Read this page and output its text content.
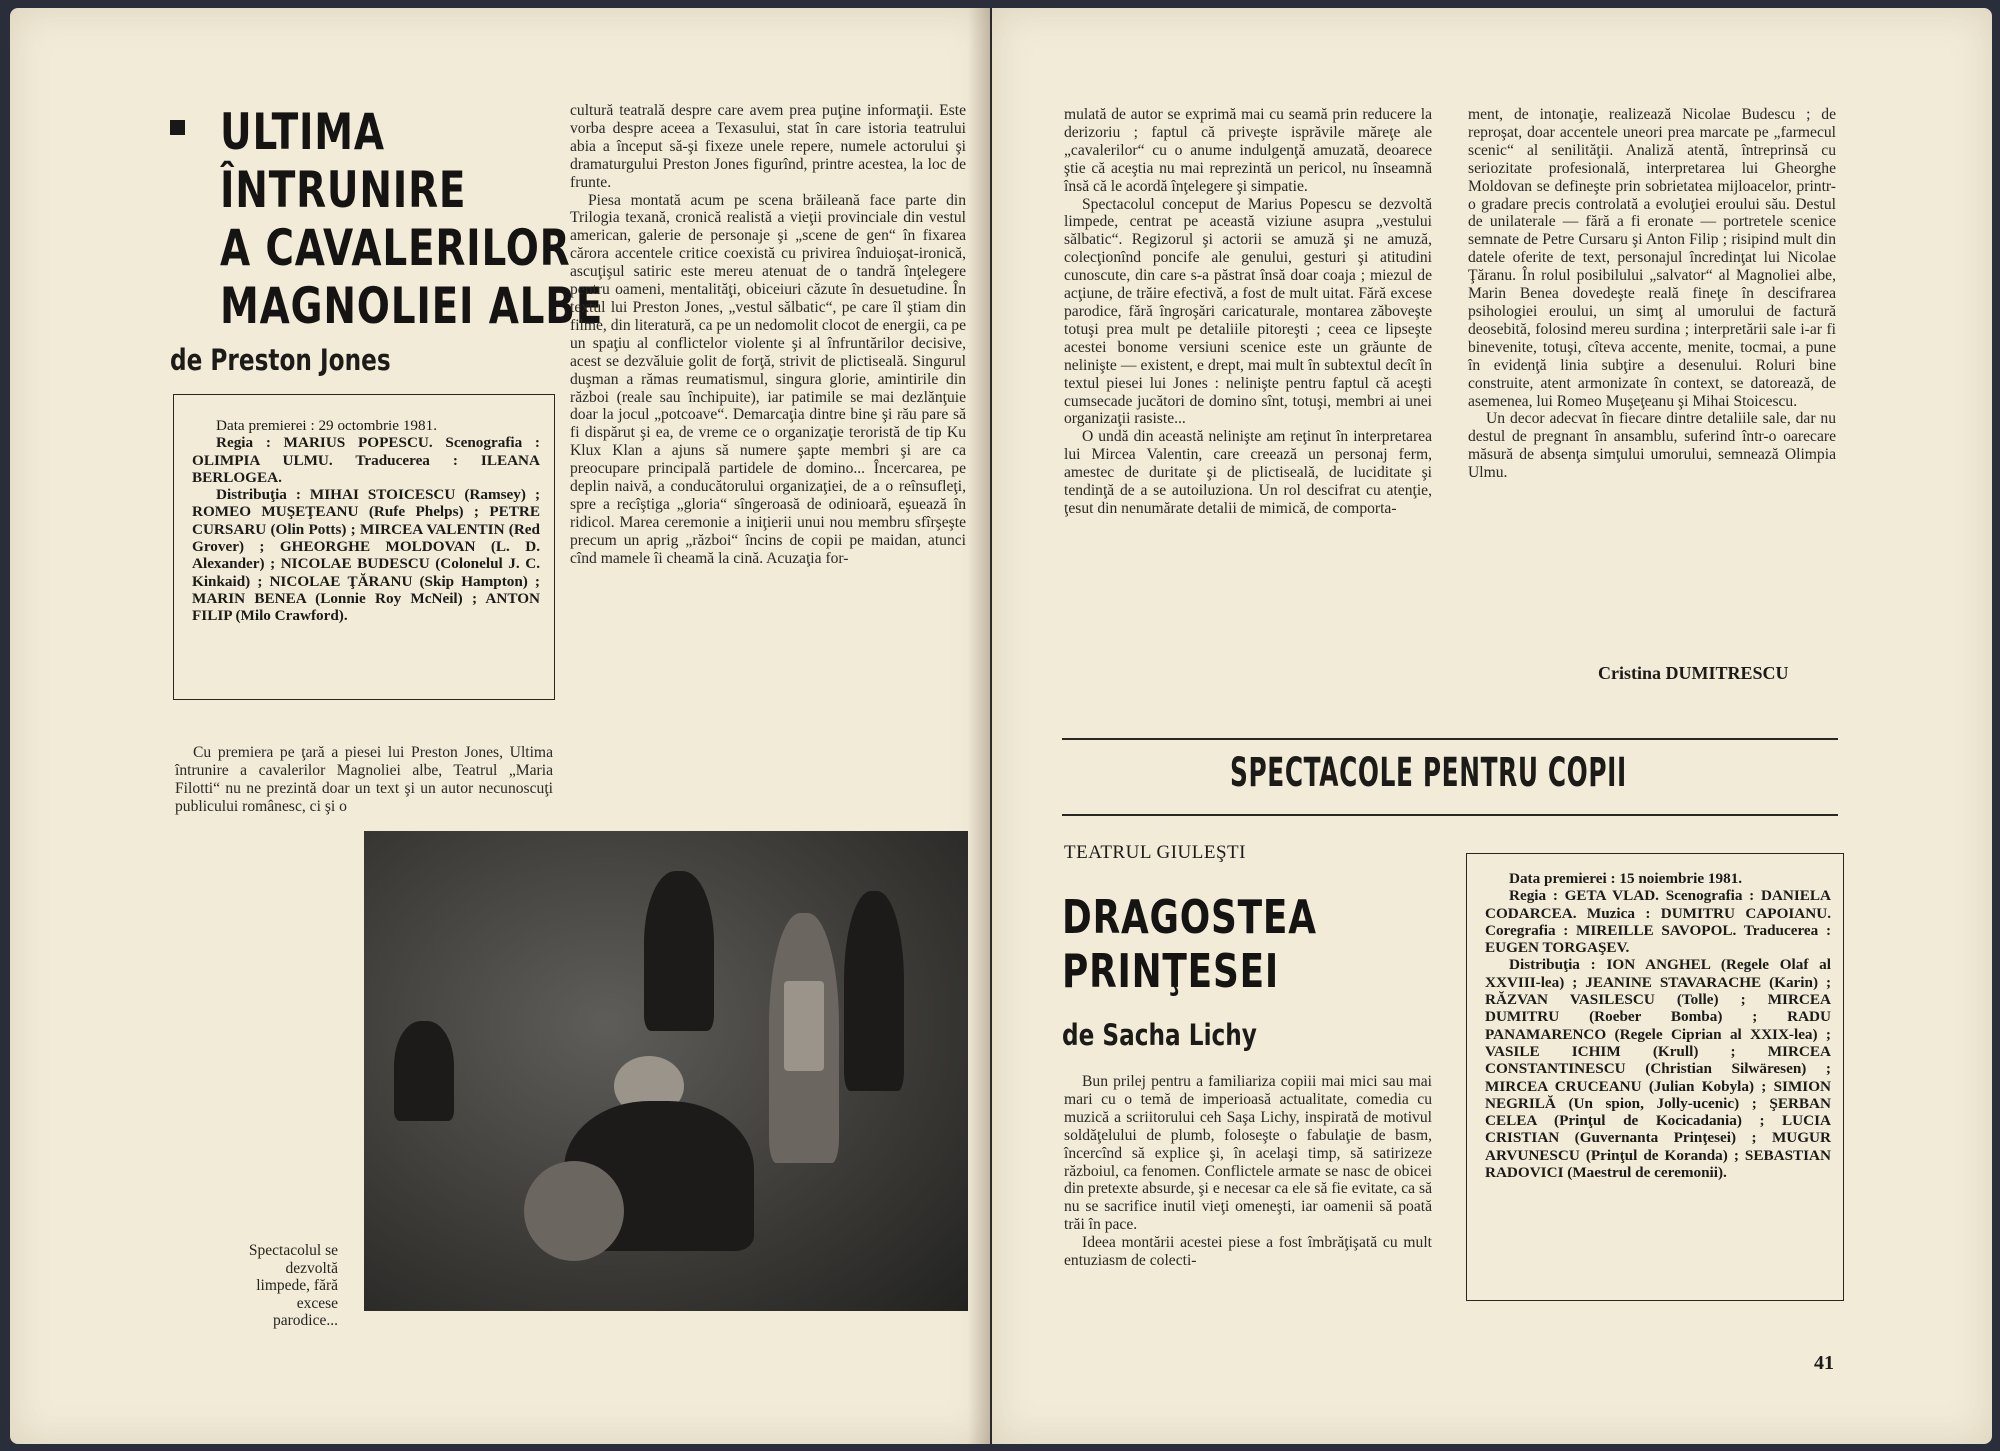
ULTIMA

ÎNTRUNIRE

A CAVALERILOR

MAGNOLIEI ALBE

de Preston Jones

Data premierei : 29 octombrie 1981.

Regia : MARIUS POPESCU. Scenografia : OLIMPIA ULMU. Traducerea : ILEANA BERLOGEA.

Distribuţia : MIHAI STOICESCU (Ramsey) ; ROMEO MUŞEŢEANU (Rufe Phelps) ; PETRE CURSARU (Olin Potts) ; MIRCEA VALENTIN (Red Grover) ; GHEORGHE MOLDOVAN (L. D. Alexander) ; NICOLAE BUDESCU (Colonelul J. C. Kinkaid) ; NICOLAE ŢĂRANU (Skip Hampton) ; MARIN BENEA (Lonnie Roy McNeil) ; ANTON FILIP (Milo Crawford).

Cu premiera pe ţară a piesei lui Preston Jones, Ultima întrunire a cavalerilor Magnoliei albe, Teatrul „Maria Filotti“ nu ne prezintă doar un text şi un autor necunoscuţi publicului românesc, ci şi o

cultură teatrală despre care avem prea puţine informaţii. Este vorba despre aceea a Texasului, stat în care istoria teatrului abia a început să-şi fixeze unele repere, numele actorului şi dramaturgului Preston Jones figurînd, printre acestea, la loc de frunte.

Piesa montată acum pe scena brăileană face parte din Trilogia texană, cronică realistă a vieţii provinciale din vestul american, galerie de personaje şi „scene de gen“ în fixarea cărora accentele critice coexistă cu privirea înduioşat-ironică, ascuţişul satiric este mereu atenuat de o tandră înţelegere pentru oameni, mentalităţi, obiceiuri căzute în desuetudine. În textul lui Preston Jones, „vestul sălbatic“, pe care îl ştiam din filme, din literatură, ca pe un nedomolit clocot de energii, ca pe un spaţiu al conflictelor violente şi al înfruntărilor decisive, acest se dezvăluie golit de forţă, strivit de plictiseală. Singurul duşman a rămas reumatismul, singura glorie, amintirile din război (reale sau închipuite), iar patimile se mai dezlănţuie doar la jocul „potcoave“. Demarcaţia dintre bine şi rău pare să fi dispărut şi ea, de vreme ce o organizaţie teroristă de tip Ku Klux Klan a ajuns să numere şapte membri şi are ca preocupare principală partidele de domino... Încercarea, pe deplin naivă, a conducătorului organizaţiei, de a o reînsufleţi, spre a recîştiga „gloria“ sîngeroasă de odinioară, eşuează în ridicol. Marea ceremonie a iniţierii unui nou membru sfîrşeşte precum un aprig „război“ încins de copii pe maidan, atunci cînd mamele îi cheamă la cină. Acuzaţia for-

Spectacolul se dezvoltă limpede, fără excese parodice...

mulată de autor se exprimă mai cu seamă prin reducere la derizoriu ; faptul că priveşte isprăvile măreţe ale „cavalerilor“ cu o anume indulgenţă amuzată, deoarece ştie că aceştia nu mai reprezintă un pericol, nu înseamnă însă că le acordă înţelegere şi simpatie.

Spectacolul conceput de Marius Popescu se dezvoltă limpede, centrat pe această viziune asupra „vestului sălbatic“. Regizorul şi actorii se amuză şi ne amuză, colecţionînd poncife ale genului, gesturi şi atitudini cunoscute, din care s-a păstrat însă doar coaja ; miezul de acţiune, de trăire efectivă, a fost de mult uitat. Fără excese parodice, fără îngroşări caricaturale, montarea zăboveşte totuşi prea mult pe detaliile pitoreşti ; ceea ce lipseşte acestei bonome versiuni scenice este un grăunte de nelinişte — existent, e drept, mai mult în subtextul decît în textul piesei lui Jones : nelinişte pentru faptul că aceşti cumsecade jucători de domino sînt, totuşi, membri ai unei organizaţii rasiste...

O undă din această nelinişte am reţinut în interpretarea lui Mircea Valentin, care creează un personaj ferm, amestec de duritate şi de plictiseală, de luciditate şi tendinţă de a se autoiluziona. Un rol descifrat cu atenţie, ţesut din nenumărate detalii de mimică, de comporta-

ment, de intonaţie, realizează Nicolae Budescu ; de reproşat, doar accentele uneori prea marcate pe „farmecul scenic“ al senilităţii. Analiză atentă, întreprinsă cu seriozitate profesională, interpretarea lui Gheorghe Moldovan se defineşte prin sobrietatea mijloacelor, printr-o gradare precis controlată a evoluţiei eroului său. Destul de unilaterale — fără a fi eronate — portretele scenice semnate de Petre Cursaru şi Anton Filip ; risipind mult din datele oferite de text, personajul încredinţat lui Nicolae Ţăranu. În rolul posibilului „salvator“ al Magnoliei albe, Marin Benea dovedeşte reală fineţe în descifrarea psihologiei eroului, un simţ al umorului de factură deosebită, folosind mereu surdina ; interpretării sale i-ar fi binevenite, totuşi, cîteva accente, menite, tocmai, a pune în evidenţă linia subţire a desenului. Roluri bine construite, atent armonizate în context, se datorează, de asemenea, lui Romeo Muşeţeanu şi Mihai Stoicescu.

Un decor adecvat în fiecare dintre detaliile sale, dar nu destul de pregnant în ansamblu, suferind într-o oarecare măsură de absenţa simţului umorului, semnează Olimpia Ulmu.

Cristina DUMITRESCU

SPECTACOLE PENTRU COPII

TEATRUL GIULEŞTI

DRAGOSTEA

PRINŢESEI

de Sacha Lichy

Bun prilej pentru a familiariza copiii mai mici sau mai mari cu o temă de imperioasă actualitate, comedia cu muzică a scriitorului ceh Saşa Lichy, inspirată de motivul soldăţelului de plumb, foloseşte o fabulaţie de basm, încercînd să explice şi, în acelaşi timp, să satirizeze războiul, ca fenomen. Conflictele armate se nasc de obicei din pretexte absurde, şi e necesar ca ele să fie evitate, ca să nu se sacrifice inutil vieţi omeneşti, iar oamenii să poată trăi în pace.

Ideea montării acestei piese a fost îmbrăţişată cu mult entuziasm de colecti-

Data premierei : 15 noiembrie 1981.

Regia : GETA VLAD. Scenografia : DANIELA CODARCEA. Muzica : DUMITRU CAPOIANU. Coregrafia : MIREILLE SAVOPOL. Traducerea : EUGEN TORGAŞEV.

Distribuţia : ION ANGHEL (Regele Olaf al XXVIII-lea) ; JEANINE STAVARACHE (Karin) ; RĂZVAN VASILESCU (Tolle) ; MIRCEA DUMITRU (Roeber Bomba) ; RADU PANAMARENCO (Regele Ciprian al XXIX-lea) ; VASILE ICHIM (Krull) ; MIRCEA CONSTANTINESCU (Christian Silwäresen) ; MIRCEA CRUCEANU (Julian Kobyla) ; SIMION NEGRILĂ (Un spion, Jolly-ucenic) ; ŞERBAN CELEA (Prinţul de Kocicadania) ; LUCIA CRISTIAN (Guvernanta Prinţesei) ; MUGUR ARVUNESCU (Prinţul de Koranda) ; SEBASTIAN RADOVICI (Maestrul de ceremonii).

41
